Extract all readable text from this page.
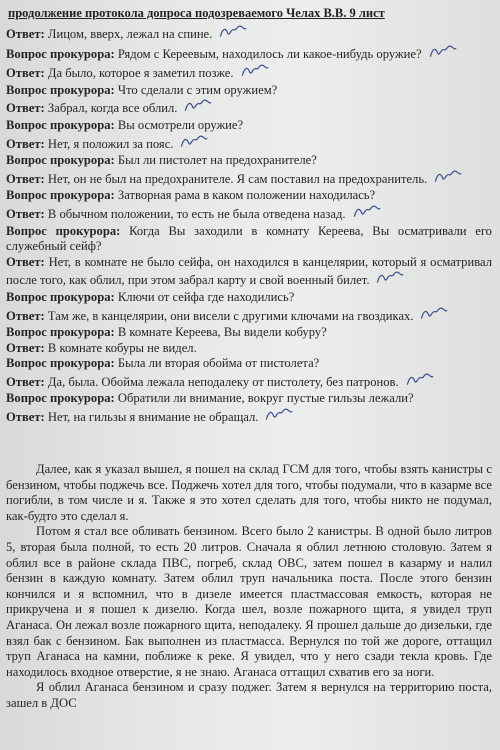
продолжение протокола допроса подозреваемого Челах В.В. 9 лист
Ответ: Лицом, вверх, лежал на спине.
Вопрос прокурора: Рядом с Кереевым, находилось ли какое-нибудь оружие?
Ответ: Да было, которое я заметил позже.
Вопрос прокурора: Что сделали с этим оружием?
Ответ: Забрал, когда все облил.
Вопрос прокурора: Вы осмотрели оружие?
Ответ: Нет, я положил за пояс.
Вопрос прокурора: Был ли пистолет на предохранителе?
Ответ: Нет, он не был на предохранителе. Я сам поставил на предохранитель.
Вопрос прокурора: Затворная рама в каком положении находилась?
Ответ: В обычном положении, то есть не была отведена назад.
Вопрос прокурора: Когда Вы заходили в комнату Кереева, Вы осматривали его служебный сейф?
Ответ: Нет, в комнате не было сейфа, он находился в канцелярии, который я осматривал после того, как облил, при этом забрал карту и свой военный билет.
Вопрос прокурора: Ключи от сейфа где находились?
Ответ: Там же, в канцелярии, они висели с другими ключами на гвоздиках.
Вопрос прокурора: В комнате Кереева, Вы видели кобуру?
Ответ: В комнате кобуры не видел.
Вопрос прокурора: Была ли вторая обойма от пистолета?
Ответ: Да, была. Обойма лежала неподалеку от пистолету, без патронов.
Вопрос прокурора: Обратили ли внимание, вокруг пустые гильзы лежали?
Ответ: Нет, на гильзы я внимание не обращал.

Далее, как я указал вышел, я пошел на склад ГСМ для того, чтобы взять канистры с бензином, чтобы поджечь все. Поджечь хотел для того, чтобы подумали, что в казарме все погибли, в том числе и я. Также я это хотел сделать для того, чтобы никто не подумал, как-будто это сделал я.

Потом я стал все обливать бензином. Всего было 2 канистры. В одной было литров 5, вторая была полной, то есть 20 литров. Сначала я облил летнюю столовую. Затем я облил все в районе склада ПВС, погреб, склад ОВС, затем пошел в казарму и налил бензин в каждую комнату. Затем облил труп начальника поста. После этого бензин кончился и я вспомнил, что в дизеле имеется пластмассовая емкость, которая не прикручена и я пошел к дизелю. Когда шел, возле пожарного щита, я увидел труп Аганаса. Он лежал возле пожарного щита, неподалеку. Я прошел дальше до дизельки, где взял бак с бензином. Бак выполнен из пластмасса. Вернулся по той же дороге, оттащил труп Аганаса на камни, поближе к реке. Я увидел, что у него сзади текла кровь. Где находилось входное отверстие, я не знаю. Аганаса оттащил схватив его за ноги.

Я облил Аганаса бензином и сразу поджег. Затем я вернулся на территорию поста, зашел в ДОС
